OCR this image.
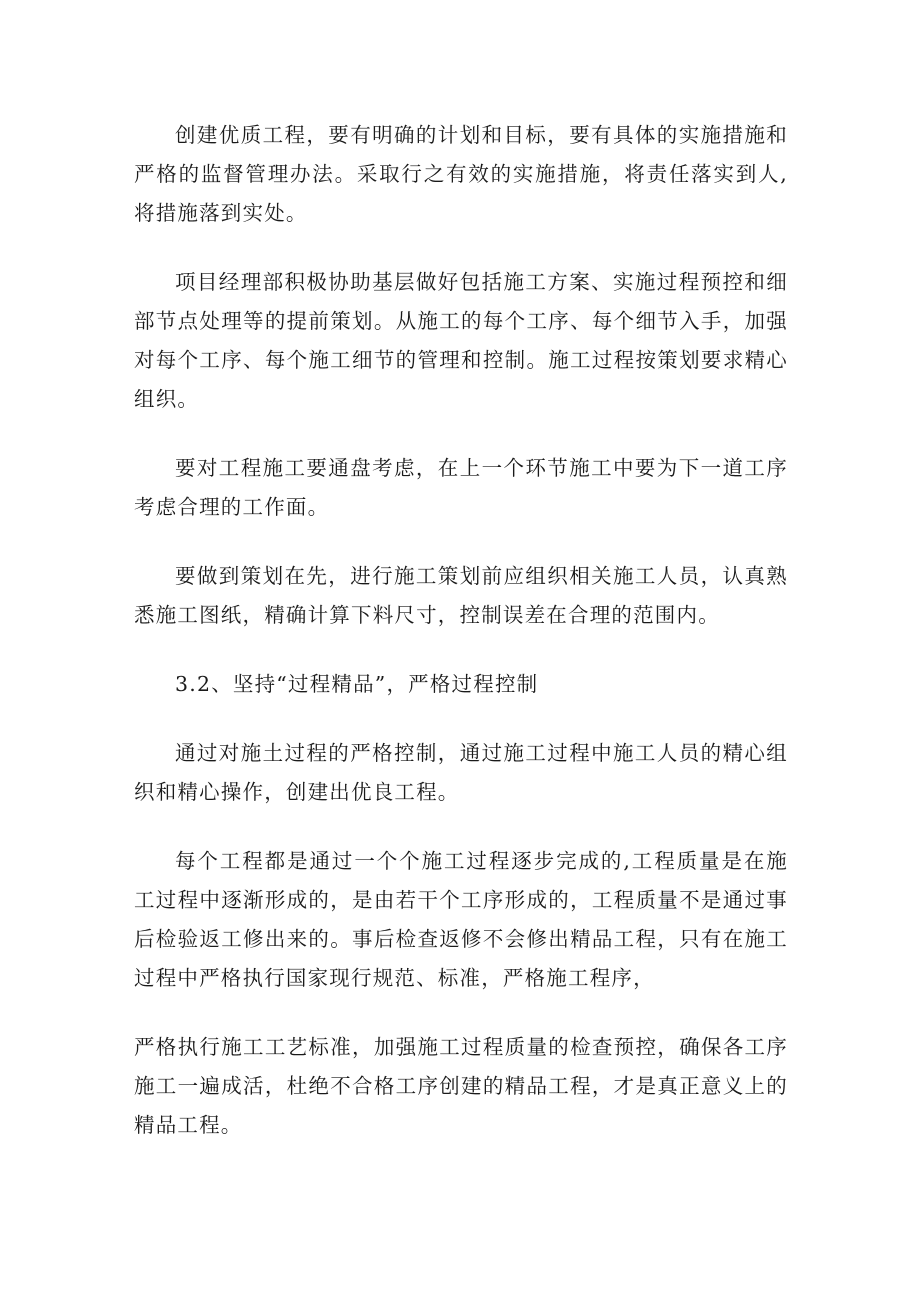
创建优质工程，要有明确的计划和目标，要有具体的实施措施和严格的监督管理办法。采取行之有效的实施措施，将责任落实到人,将措施落到实处。

项目经理部积极协助基层做好包括施工方案、实施过程预控和细部节点处理等的提前策划。从施工的每个工序、每个细节入手，加强对每个工序、每个施工细节的管理和控制。施工过程按策划要求精心组织。

要对工程施工要通盘考虑，在上一个环节施工中要为下一道工序考虑合理的工作面。

要做到策划在先，进行施工策划前应组织相关施工人员，认真熟悉施工图纸，精确计算下料尺寸，控制误差在合理的范围内。

3.2、坚持“过程精品”，严格过程控制

通过对施土过程的严格控制，通过施工过程中施工人员的精心组织和精心操作，创建出优良工程。

每个工程都是通过一个个施工过程逐步完成的,工程质量是在施工过程中逐渐形成的，是由若干个工序形成的，工程质量不是通过事后检验返工修出来的。事后检查返修不会修出精品工程，只有在施工过程中严格执行国家现行规范、标准，严格施工程序，

严格执行施工工艺标准，加强施工过程质量的检查预控，确保各工序施工一遍成活，杜绝不合格工序创建的精品工程，才是真正意义上的精品工程。
